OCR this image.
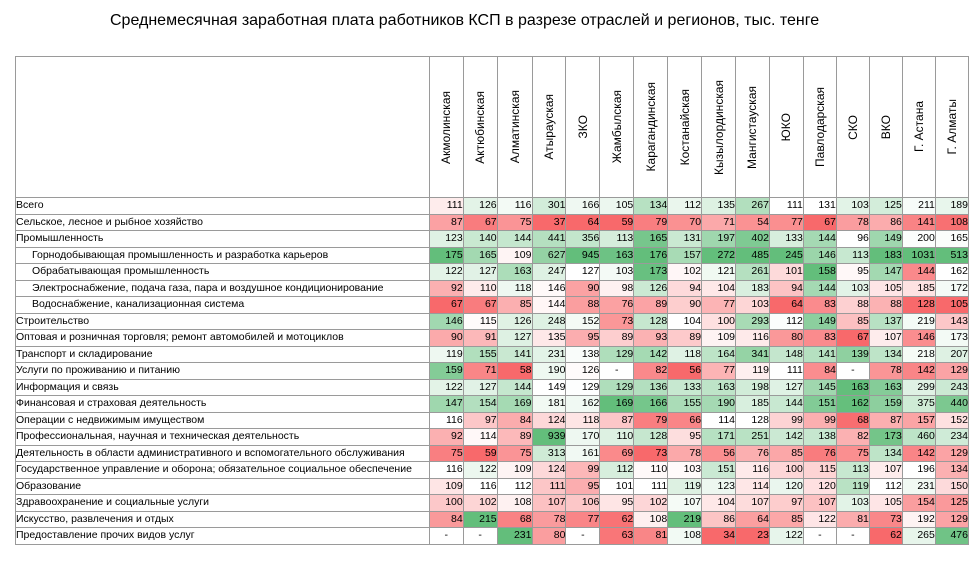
Среднемесячная заработная плата работников КСП в разрезе отраслей и регионов, тыс. тенге

	Акмолинская	Актюбинская	Алматинская	Атырауская	ЗКО	Жамбылская	Карагандинская	Костанайская	Кызылординская	Мангистауская	ЮКО	Павлодарская	СКО	ВКО	Г. Астана	Г. Алматы

Всего	111	126	116	301	166	105	134	112	135	267	111	131	103	125	211	189
Сельское, лесное и рыбное хозяйство	87	67	75	37	64	59	79	70	71	54	77	67	78	86	141	108
Промышленность	123	140	144	441	356	113	165	131	197	402	133	144	96	149	200	165
Горнодобывающая промышленность и разработка карьеров	175	165	109	627	945	163	176	157	272	485	245	146	113	183	1031	513
Обрабатывающая промышленность	122	127	163	247	127	103	173	102	121	261	101	158	95	147	144	162
Электроснабжение, подача газа, пара и воздушное кондиционирование	92	110	118	146	90	98	126	94	104	183	94	144	103	105	185	172
Водоснабжение, канализационная система	67	67	85	144	88	76	89	90	77	103	64	83	88	88	128	105
Строительство	146	115	126	248	152	73	128	104	100	293	112	149	85	137	219	143
Оптовая и розничная торговля; ремонт автомобилей и мотоциклов	90	91	127	135	95	89	93	89	109	116	80	83	67	107	146	173
Транспорт и складирование	119	155	141	231	138	129	142	118	164	341	148	141	139	134	218	207
Услуги по проживанию и питанию	159	71	58	190	126	-	82	56	77	119	111	84	-	78	142	129
Информация и связь	122	127	144	149	129	129	136	133	163	198	127	145	163	163	299	243
Финансовая и страховая деятельность	147	154	169	181	162	169	166	155	190	185	144	151	162	159	375	440
Операции с недвижимым имуществом	116	97	84	124	118	87	79	66	114	128	99	99	68	87	157	152
Профессиональная, научная и техническая деятельность	92	114	89	939	170	110	128	95	171	251	142	138	82	173	460	234
Деятельность в области административного и вспомогательного обслуживания	75	59	75	313	161	69	73	78	56	76	85	76	75	134	142	129
Государственное управление и оборона; обязательное социальное обеспечение	116	122	109	124	99	112	110	103	151	116	100	115	113	107	196	134
Образование	109	116	112	111	95	101	111	119	123	114	120	120	119	112	231	150
Здравоохранение и социальные услуги	100	102	108	107	106	95	102	107	104	107	97	107	103	105	154	125
Искусство, развлечения и отдых	84	215	68	78	77	62	108	219	86	64	85	122	81	73	192	129
Предоставление прочих видов услуг	-	-	231	80	-	63	81	108	34	23	122	-	-	62	265	476
